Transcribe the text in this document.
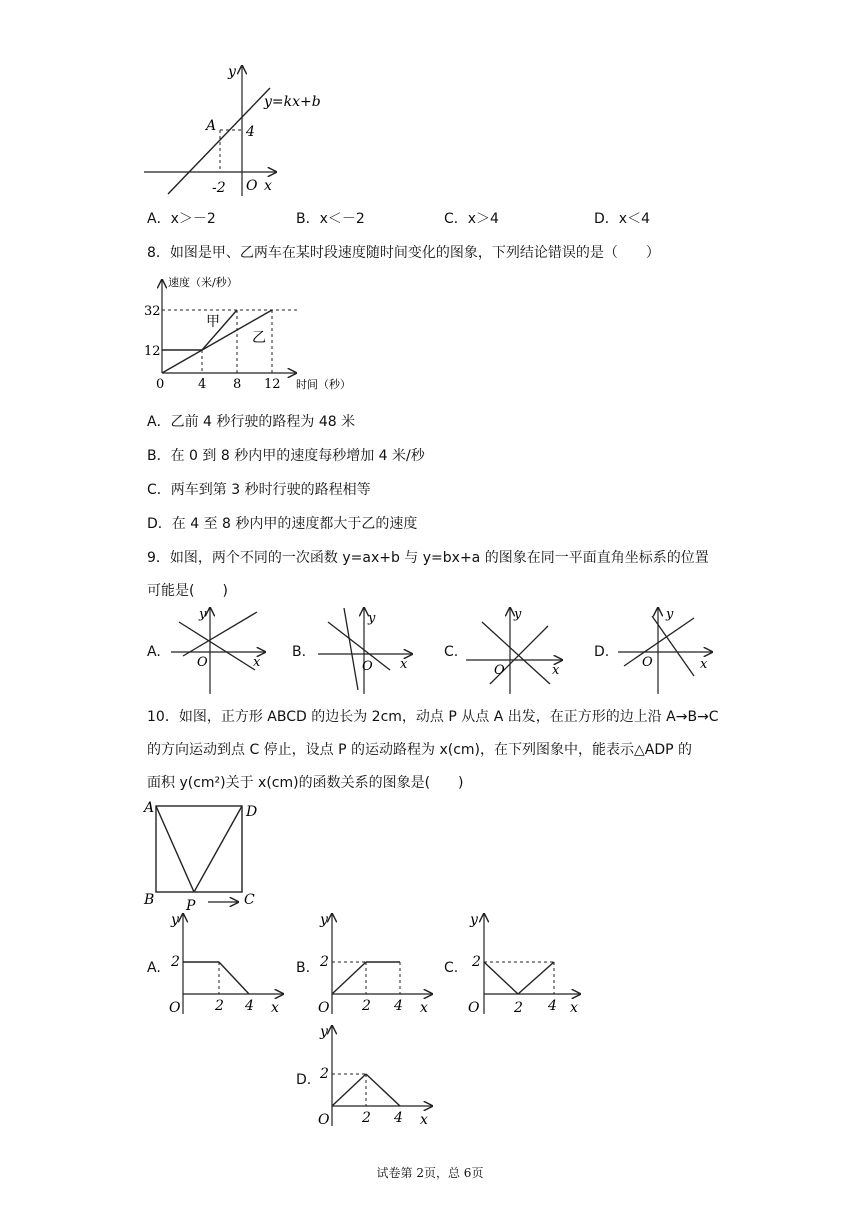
y
y=kx+b
A 4
-2 O x
A．x＞－2	B．x＜－2	C．x＞4	D．x＜4
8．如图是甲、乙两车在某时段速度随时间变化的图象，下列结论错误的是（　　）
速度（米/秒）
时间（秒）
32
12
0	4 8 12
甲
乙
A．乙前 4 秒行驶的路程为 48 米
B．在 0 到 8 秒内甲的速度每秒增加 4 米/秒
C．两车到第 3 秒时行驶的路程相等
D．在 4 至 8 秒内甲的速度都大于乙的速度
9．如图，两个不同的一次函数 y=ax+b 与 y=bx+a 的图象在同一平面直角坐标系的位置
可能是(　　)
A.
y
O	x
B.
y
O x
C.
y
O	x
D.
y
O	x
10．如图，正方形 ABCD 的边长为 2cm，动点 P 从点 A 出发，在正方形的边上沿 A→B→C
的方向运动到点 C 停止，设点 P 的运动路程为 x(cm)，在下列图象中，能表示△ADP 的
面积 y(cm²)关于 x(cm)的函数关系的图象是(　　)
A	D
B	C
P
A.
y
2
O 2 4 x
B.
y
2
O 2 4 x
C.
y
2
O 2 4 x
D.
y
2
O 2 4 x
试卷第 2页，总 6页
